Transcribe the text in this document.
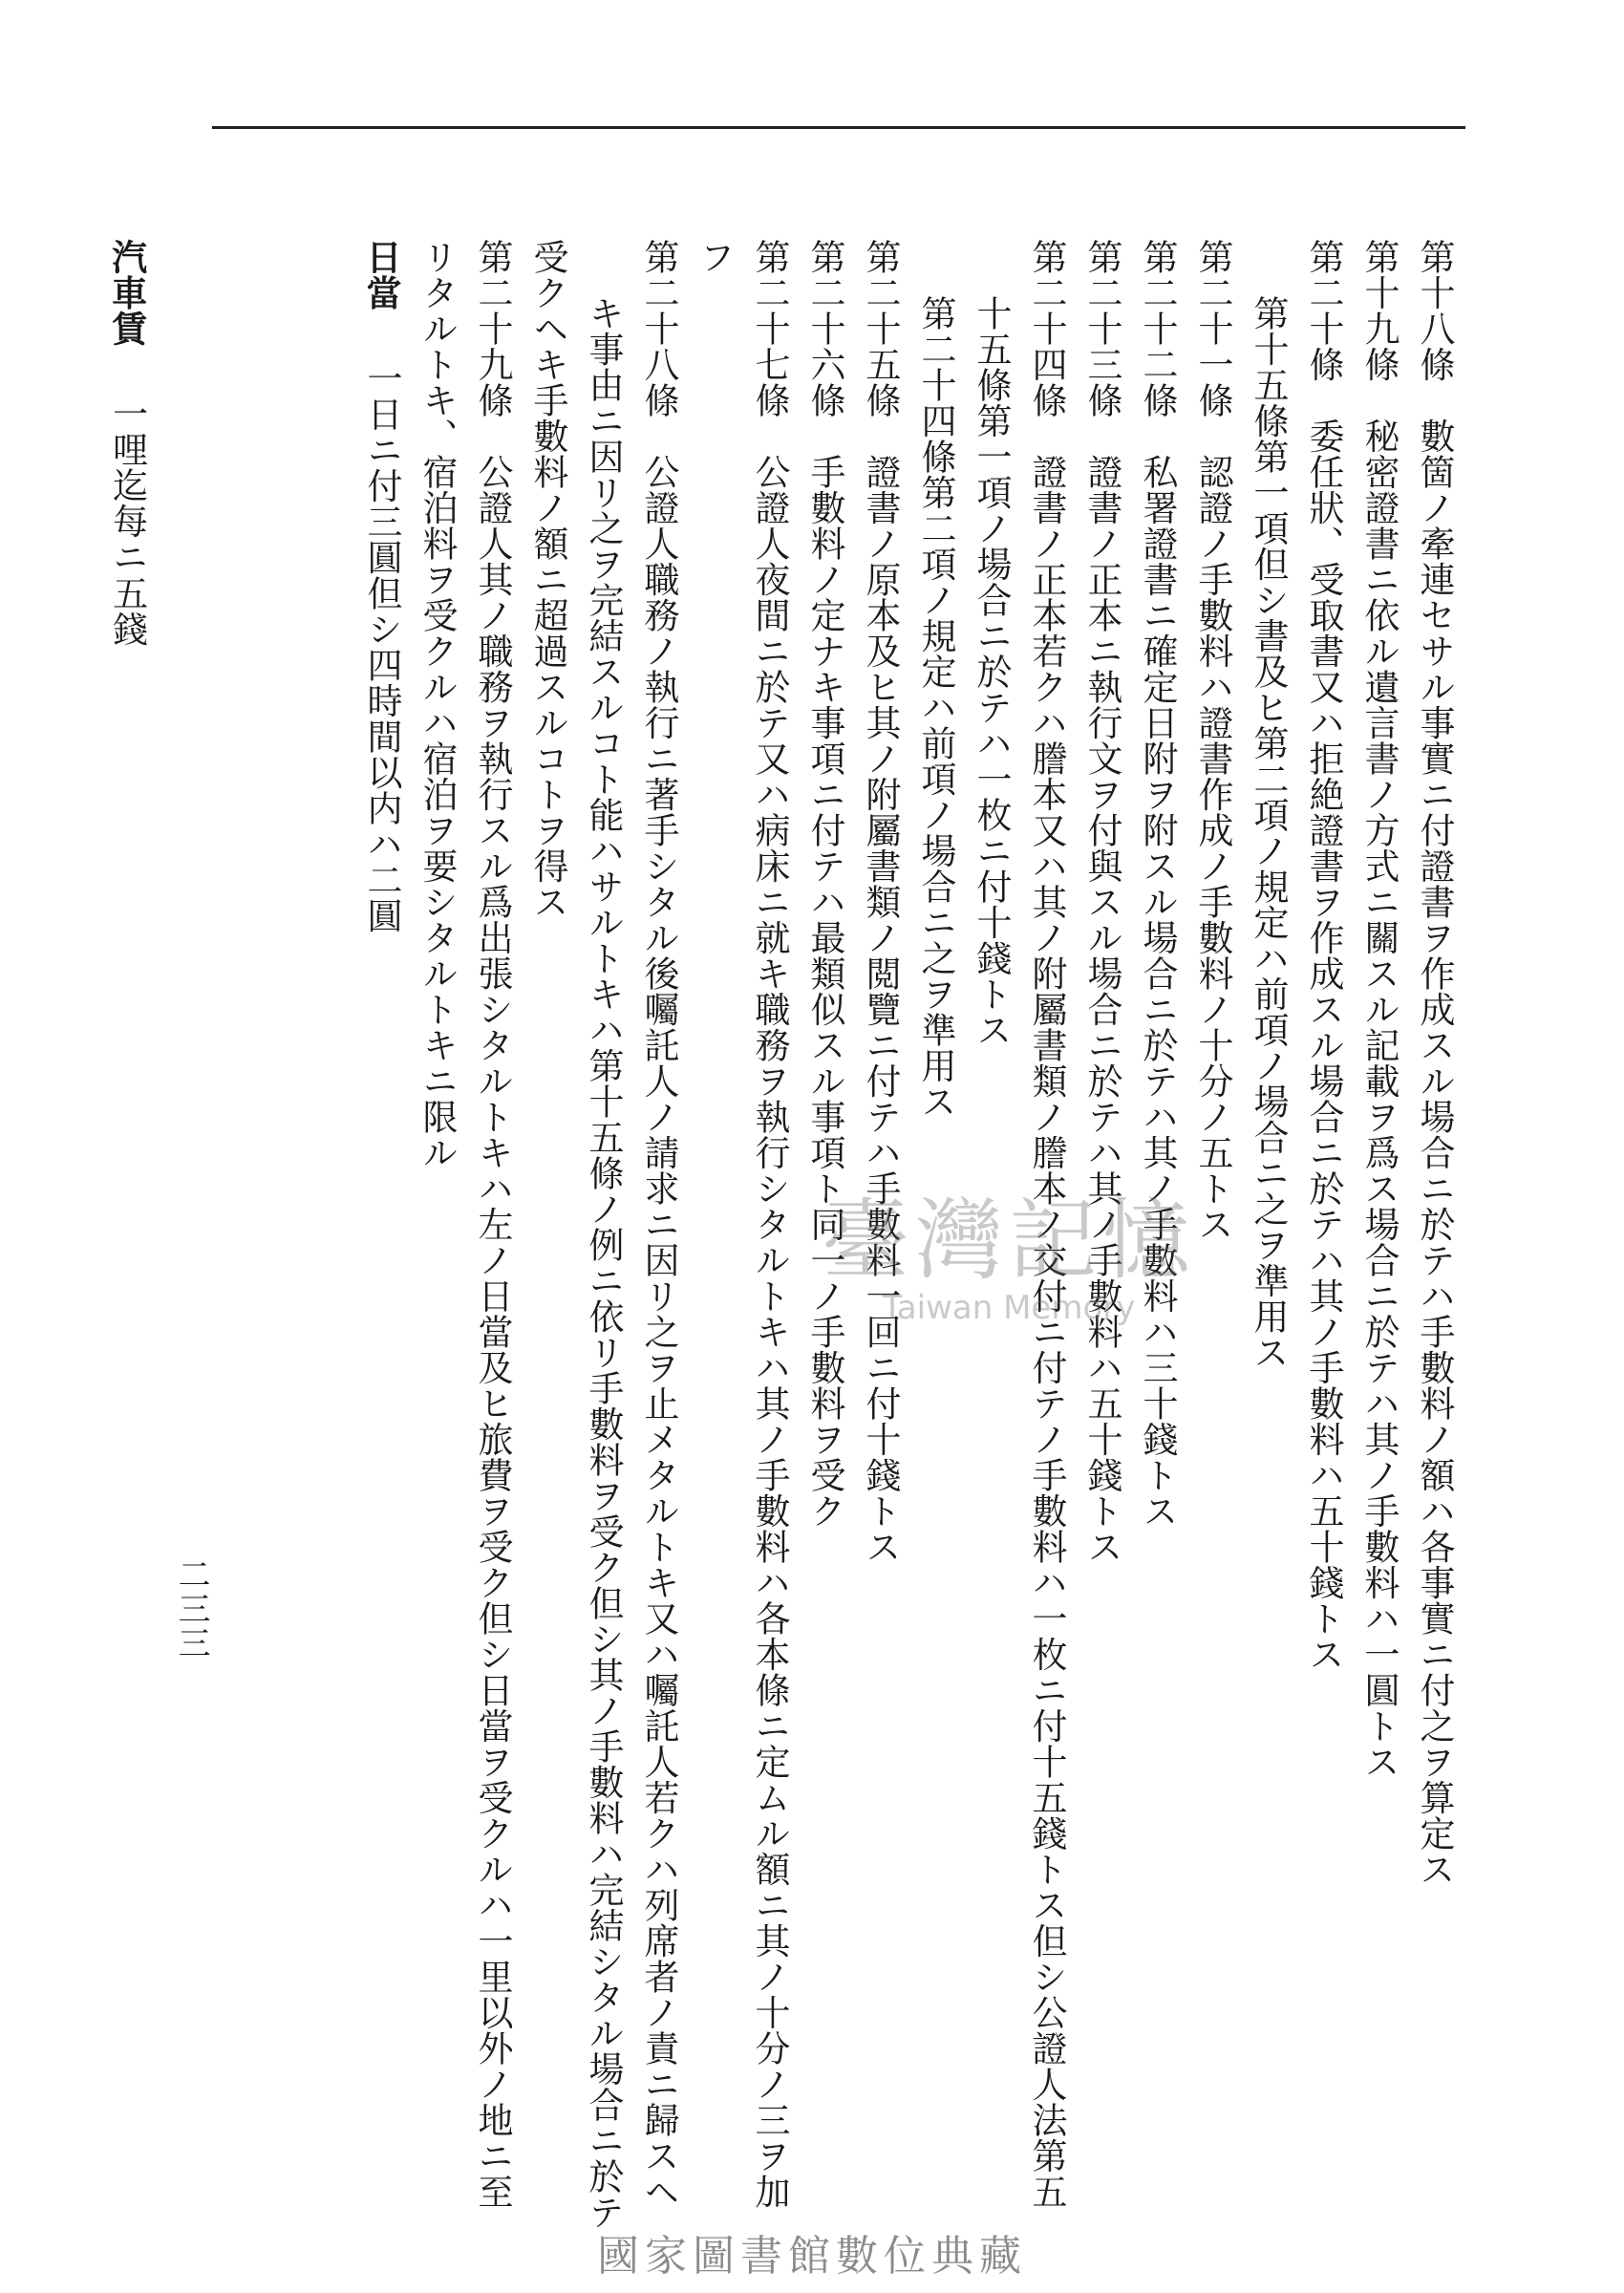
第十八條　數箇ノ牽連セサル事實ニ付證書ヲ作成スル場合ニ於テハ手數料ノ額ハ各事實ニ付之ヲ算定ス
第十九條　秘密證書ニ依ル遺言書ノ方式ニ關スル記載ヲ爲ス場合ニ於テハ其ノ手數料ハ一圓トス
第二十條　委任狀、受取書又ハ拒絶證書ヲ作成スル場合ニ於テハ其ノ手數料ハ五十錢トス
第十五條第一項但シ書及ヒ第二項ノ規定ハ前項ノ場合ニ之ヲ準用ス
第二十一條　認證ノ手數料ハ證書作成ノ手數料ノ十分ノ五トス
第二十二條　私署證書ニ確定日附ヲ附スル場合ニ於テハ其ノ手數料ハ三十錢トス
第二十三條　證書ノ正本ニ執行文ヲ付與スル場合ニ於テハ其ノ手數料ハ五十錢トス
第二十四條　證書ノ正本若クハ謄本又ハ其ノ附屬書類ノ謄本ノ交付ニ付テノ手數料ハ一枚ニ付十五錢トス但シ公證人法第五
十五條第一項ノ場合ニ於テハ一枚ニ付十錢トス
第二十四條第二項ノ規定ハ前項ノ場合ニ之ヲ準用ス
第二十五條　證書ノ原本及ヒ其ノ附屬書類ノ閲覽ニ付テハ手數料一回ニ付十錢トス
第二十六條　手數料ノ定ナキ事項ニ付テハ最類似スル事項ト同一ノ手數料ヲ受ク
第二十七條　公證人夜間ニ於テ又ハ病床ニ就キ職務ヲ執行シタルトキハ其ノ手數料ハ各本條ニ定ムル額ニ其ノ十分ノ三ヲ加
フ
第二十八條　公證人職務ノ執行ニ著手シタル後囑託人ノ請求ニ因リ之ヲ止メタルトキ又ハ囑託人若クハ列席者ノ責ニ歸スヘ
キ事由ニ因リ之ヲ完結スルコト能ハサルトキハ第十五條ノ例ニ依リ手數料ヲ受ク但シ其ノ手數料ハ完結シタル場合ニ於テ
受クヘキ手數料ノ額ニ超過スルコトヲ得ス
第二十九條　公證人其ノ職務ヲ執行スル爲出張シタルトキハ左ノ日當及ヒ旅費ヲ受ク但シ日當ヲ受クルハ一里以外ノ地ニ至
リタルトキ、宿泊料ヲ受クルハ宿泊ヲ要シタルトキニ限ル
日當一日ニ付三圓但シ四時間以内ハ二圓
汽車賃一哩迄每ニ五錢
二三三
臺灣記憶
Taiwan Memory
國家圖書館數位典藏
